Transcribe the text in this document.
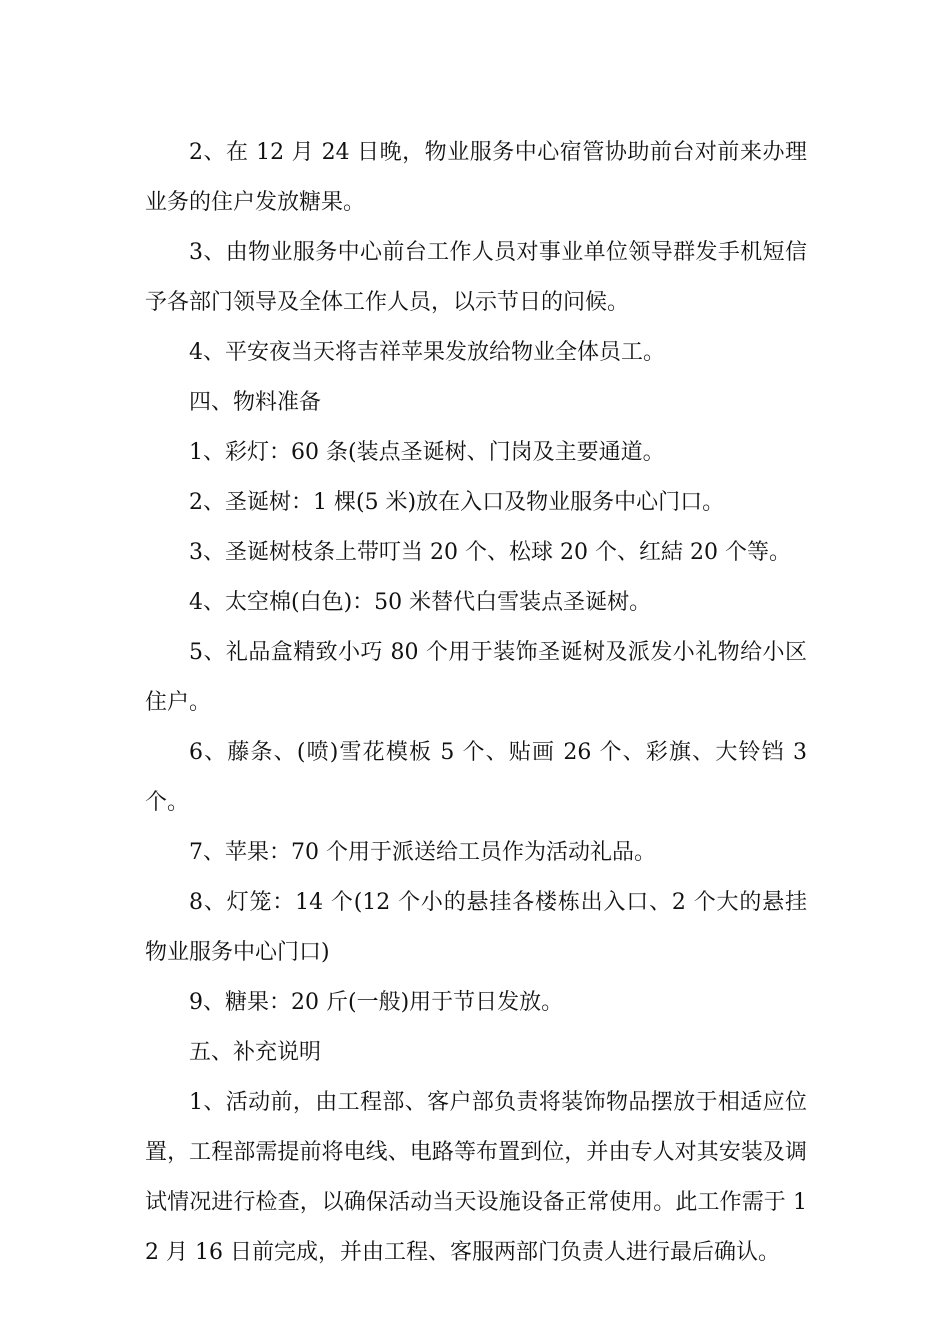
2、在 12 月 24 日晚，物业服务中心宿管协助前台对前来办理业务的住户发放糖果。

3、由物业服务中心前台工作人员对事业单位领导群发手机短信予各部门领导及全体工作人员，以示节日的问候。

4、平安夜当天将吉祥苹果发放给物业全体员工。

四、物料准备

1、彩灯：60 条(装点圣诞树、门岗及主要通道。

2、圣诞树：1 棵(5 米)放在入口及物业服务中心门口。

3、圣诞树枝条上带叮当 20 个、松球 20 个、红結 20 个等。

4、太空棉(白色)：50 米替代白雪装点圣诞树。

5、礼品盒精致小巧 80 个用于装饰圣诞树及派发小礼物给小区住户。

6、藤条、(喷)雪花模板 5 个、贴画 26 个、彩旗、大铃铛 3 个。

7、苹果：70 个用于派送给工员作为活动礼品。

8、灯笼：14 个(12 个小的悬挂各楼栋出入口、2 个大的悬挂物业服务中心门口)

9、糖果：20 斤(一般)用于节日发放。

五、补充说明

1、活动前，由工程部、客户部负责将装饰物品摆放于相适应位置，工程部需提前将电线、电路等布置到位，并由专人对其安装及调试情况进行检查，以确保活动当天设施设备正常使用。此工作需于 12 月 16 日前完成，并由工程、客服两部门负责人进行最后确认。
